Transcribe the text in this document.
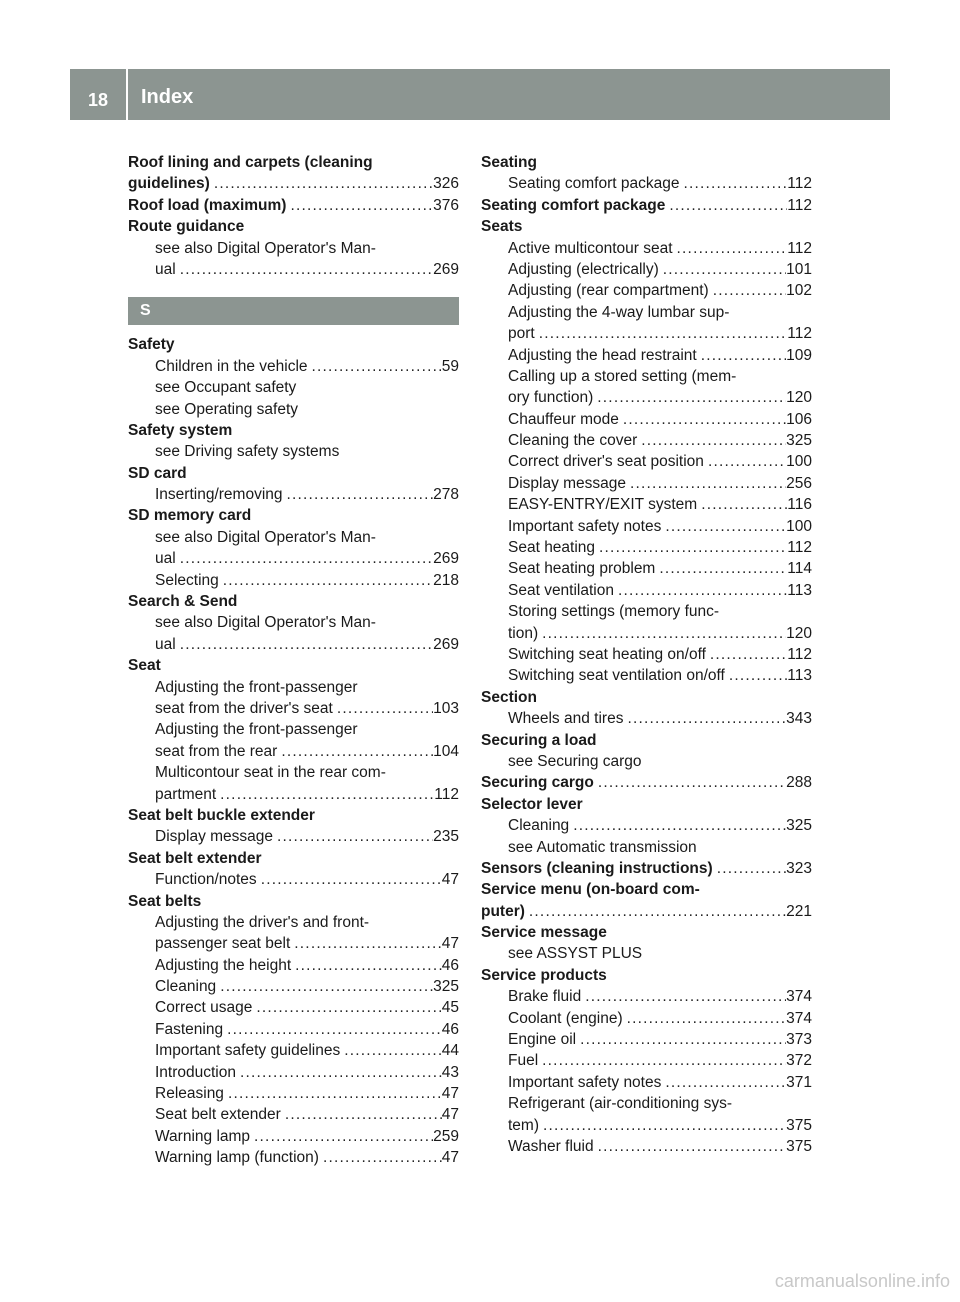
18	Index
Roof lining and carpets (cleaning
guidelines) .....	326
Roof load (maximum) .....	376
Route guidance
see also Digital Operator's Man-
ual .....	269
S
Safety
Children in the vehicle .....	59
see Occupant safety
see Operating safety
Safety system
see Driving safety systems
SD card
Inserting/removing .....	278
SD memory card
see also Digital Operator's Man-
ual .....	269
Selecting .....	218
Search & Send
see also Digital Operator's Man-
ual .....	269
Seat
Adjusting the front-passenger
seat from the driver's seat .....	103
Adjusting the front-passenger
seat from the rear .....	104
Multicontour seat in the rear com-
partment .....	112
Seat belt buckle extender
Display message .....	235
Seat belt extender
Function/notes .....	47
Seat belts
Adjusting the driver's and front-
passenger seat belt .....	47
Adjusting the height .....	46
Cleaning .....	325
Correct usage .....	45
Fastening .....	46
Important safety guidelines .....	44
Introduction .....	43
Releasing .....	47
Seat belt extender .....	47
Warning lamp .....	259
Warning lamp (function) .....	47
Seating
Seating comfort package .....	112
Seating comfort package .....	112
Seats
Active multicontour seat .....	112
Adjusting (electrically) .....	101
Adjusting (rear compartment) .....	102
Adjusting the 4-way lumbar sup-
port .....	112
Adjusting the head restraint .....	109
Calling up a stored setting (mem-
ory function) .....	120
Chauffeur mode .....	106
Cleaning the cover .....	325
Correct driver's seat position .....	100
Display message .....	256
EASY-ENTRY/EXIT system .....	116
Important safety notes .....	100
Seat heating .....	112
Seat heating problem .....	114
Seat ventilation .....	113
Storing settings (memory func-
tion) .....	120
Switching seat heating on/off .....	112
Switching seat ventilation on/off .....	113
Section
Wheels and tires .....	343
Securing a load
see Securing cargo
Securing cargo .....	288
Selector lever
Cleaning .....	325
see Automatic transmission
Sensors (cleaning instructions) .....	323
Service menu (on-board com-
puter) .....	221
Service message
see ASSYST PLUS
Service products
Brake fluid .....	374
Coolant (engine) .....	374
Engine oil .....	373
Fuel .....	372
Important safety notes .....	371
Refrigerant (air-conditioning sys-
tem) .....	375
Washer fluid .....	375
carmanualsonline.info
